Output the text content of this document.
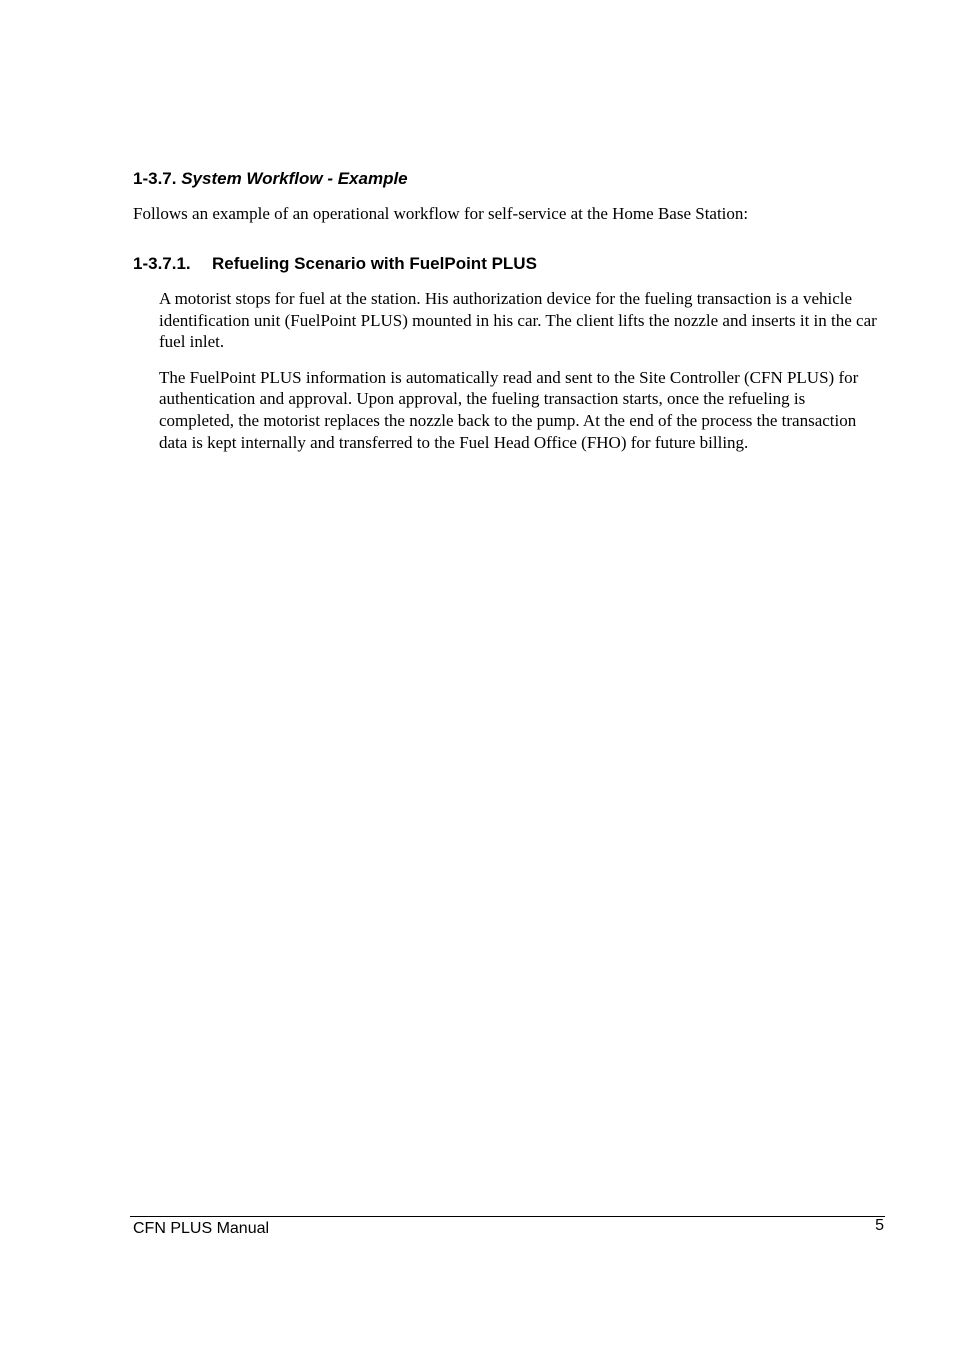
1-3.7. System Workflow - Example

Follows an example of an operational workflow for self-service at the Home Base Station:

1-3.7.1. Refueling Scenario with FuelPoint PLUS

A motorist stops for fuel at the station. His authorization device for the fueling transaction is a vehicle identification unit (FuelPoint PLUS) mounted in his car. The client lifts the nozzle and inserts it in the car fuel inlet.

The FuelPoint PLUS information is automatically read and sent to the Site Controller (CFN PLUS) for authentication and approval. Upon approval, the fueling transaction starts, once the refueling is completed, the motorist replaces the nozzle back to the pump. At the end of the process the transaction data is kept internally and transferred to the Fuel Head Office (FHO) for future billing.

CFN PLUS Manual	5
